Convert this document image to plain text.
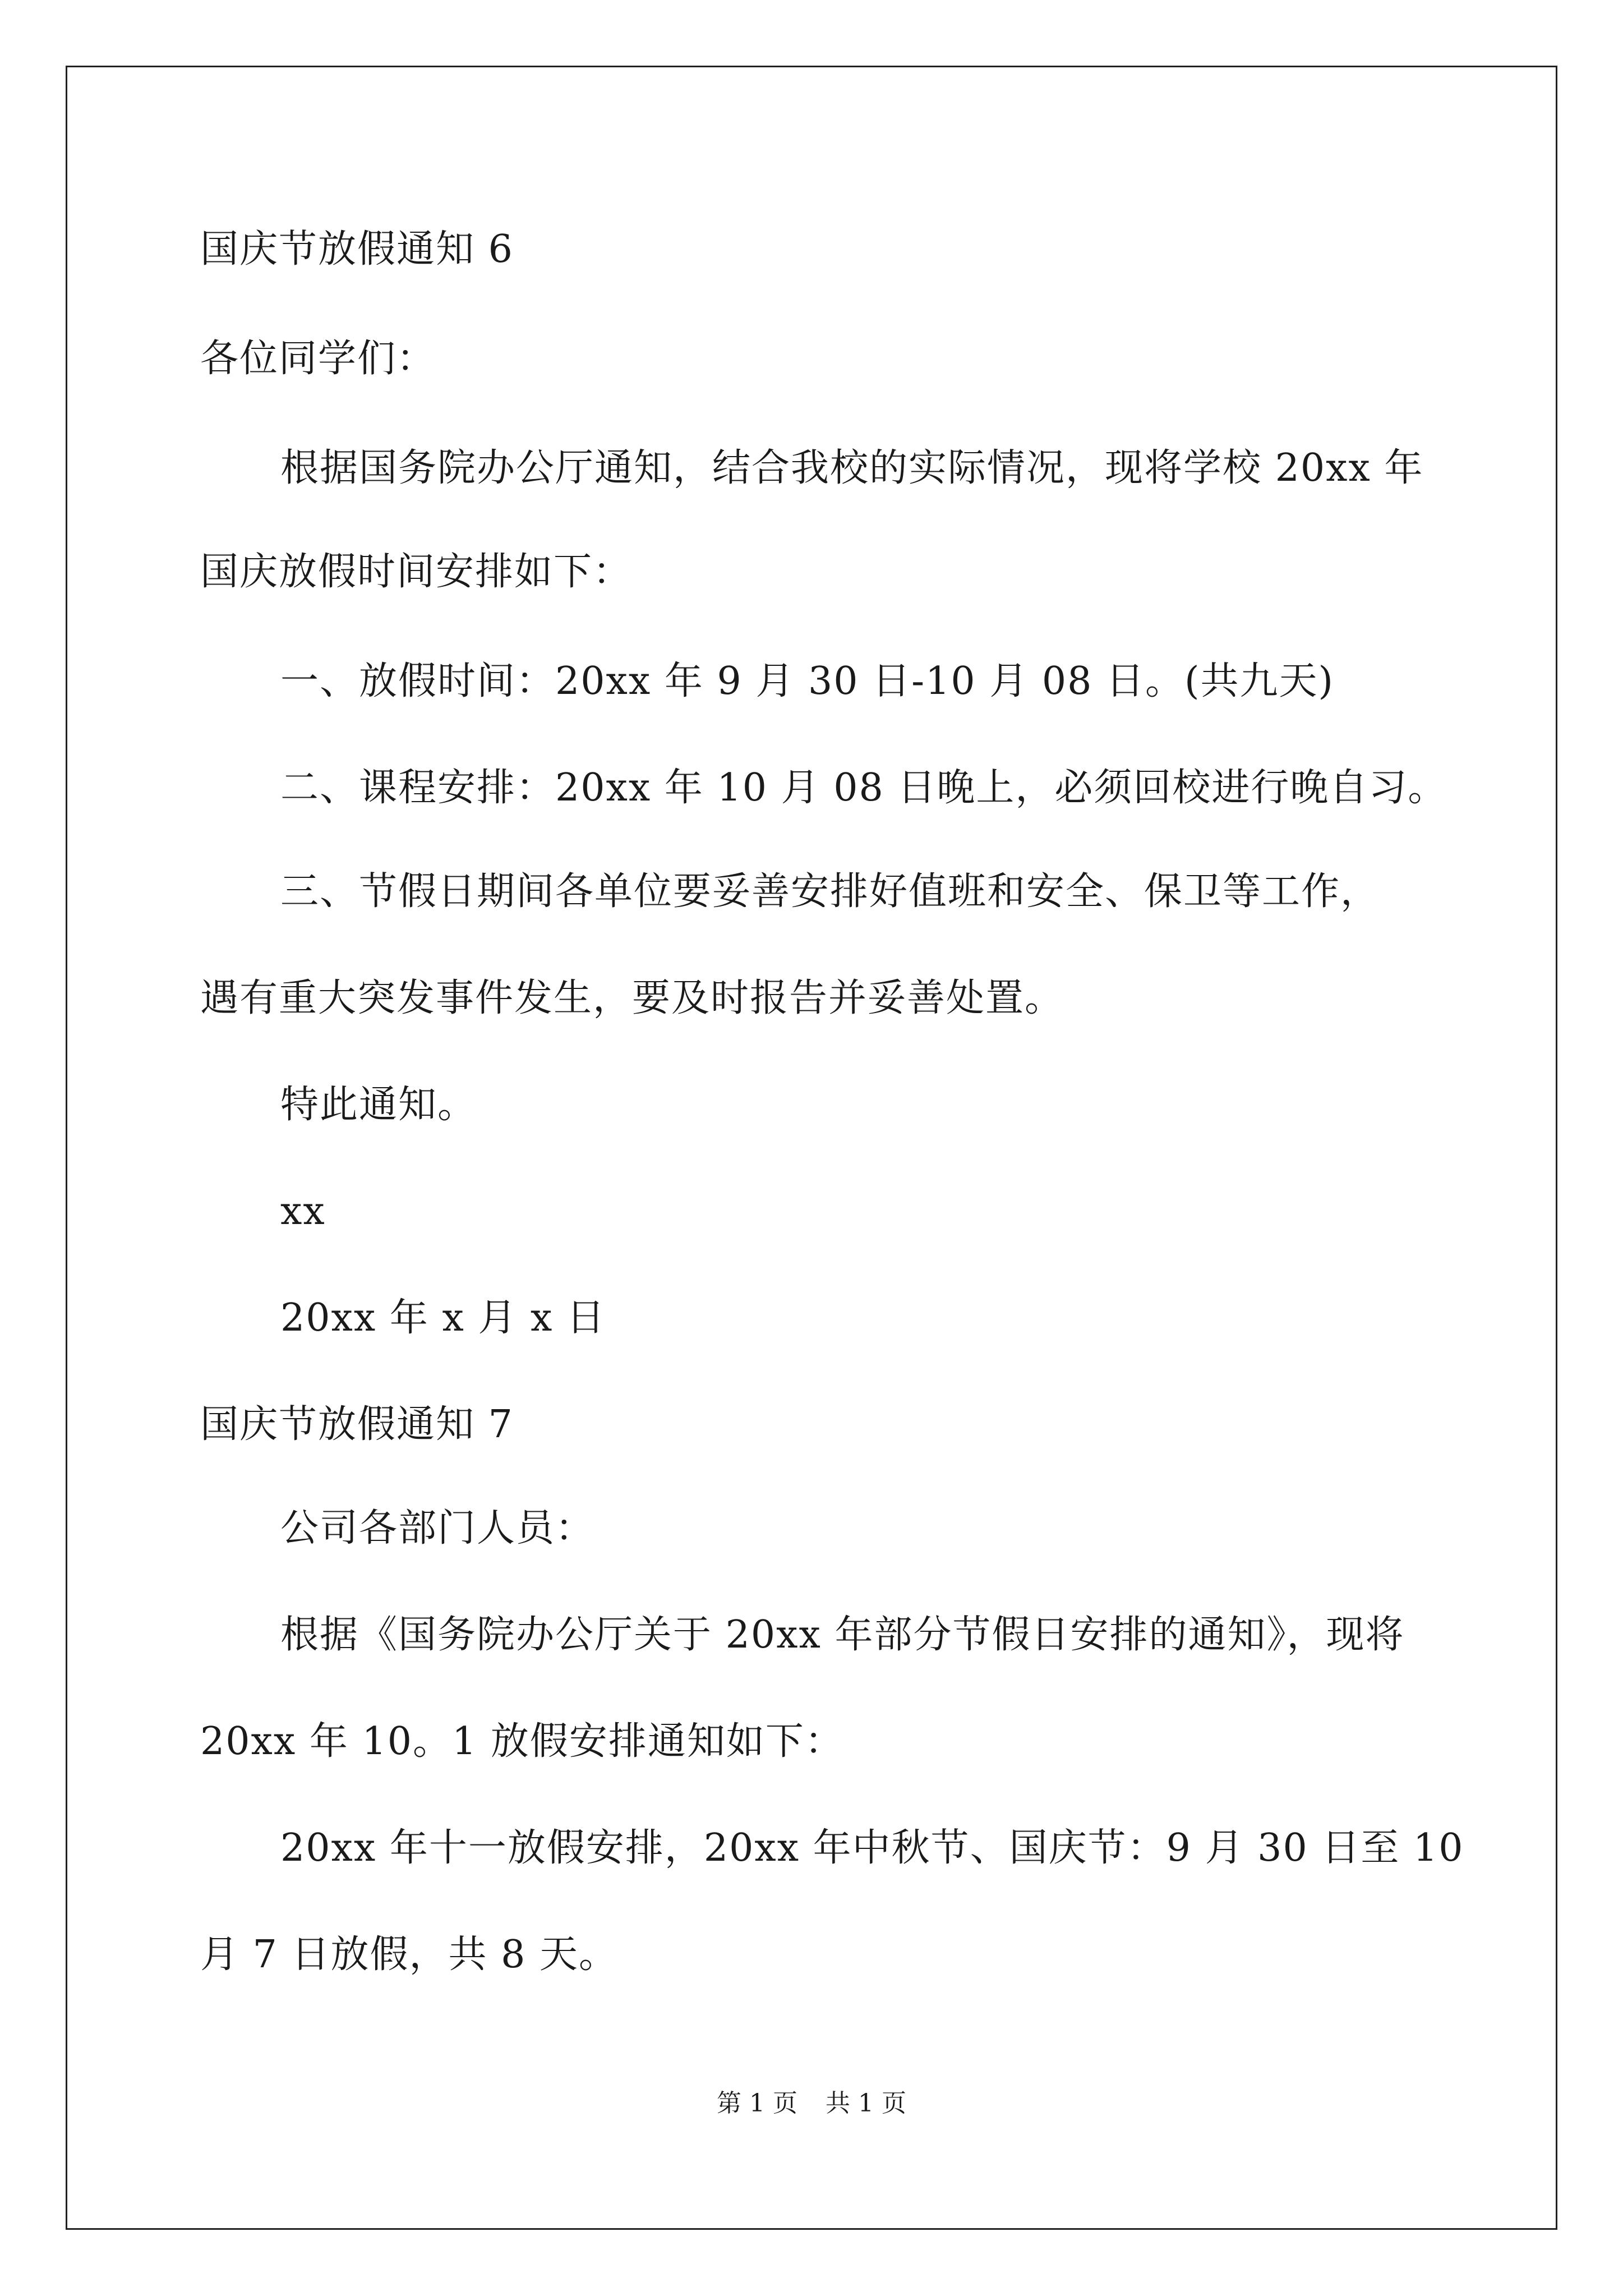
国庆节放假通知 6
各位同学们：
根据国务院办公厅通知，结合我校的实际情况，现将学校 20xx 年
国庆放假时间安排如下：
一、放假时间：20xx 年 9 月 30 日-10 月 08 日。(共九天)
二、课程安排：20xx 年 10 月 08 日晚上，必须回校进行晚自习。
三、节假日期间各单位要妥善安排好值班和安全、保卫等工作，
遇有重大突发事件发生，要及时报告并妥善处置。
特此通知。
xx
20xx 年 x 月 x 日
国庆节放假通知 7
公司各部门人员：
根据《国务院办公厅关于 20xx 年部分节假日安排的通知》，现将
20xx 年 10。1 放假安排通知如下：
20xx 年十一放假安排，20xx 年中秋节、国庆节：9 月 30 日至 10
月 7 日放假，共 8 天。
第 1 页 共 1 页
